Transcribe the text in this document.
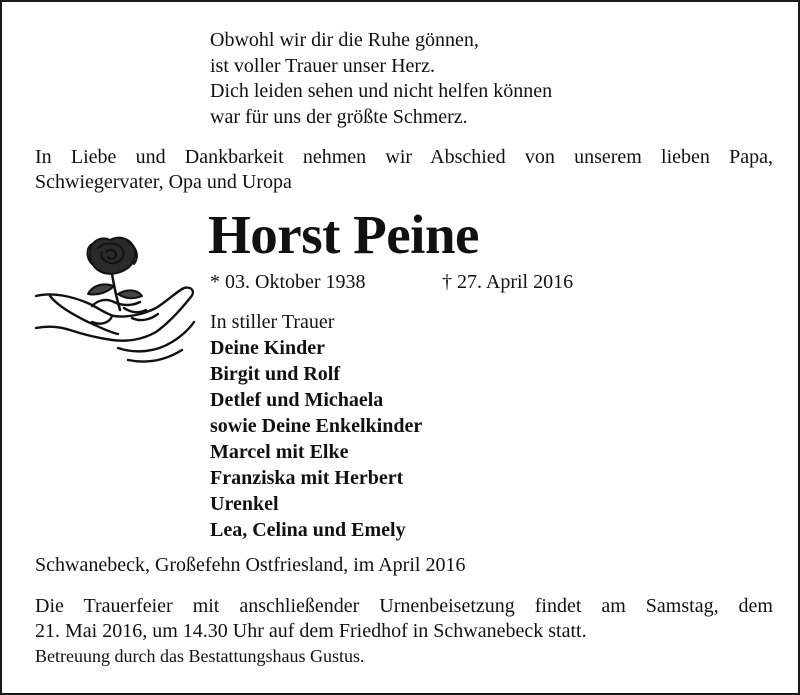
Obwohl wir dir die Ruhe gönnen,
ist voller Trauer unser Herz.
Dich leiden sehen und nicht helfen können
war für uns der größte Schmerz.
In Liebe und Dankbarkeit nehmen wir Abschied von unserem lieben Papa,
Schwiegervater, Opa und Uropa
Horst Peine
* 03. Oktober 1938	† 27. April 2016
In stiller Trauer
Deine Kinder
Birgit und Rolf
Detlef und Michaela
sowie Deine Enkelkinder
Marcel mit Elke
Franziska mit Herbert
Urenkel
Lea, Celina und Emely
Schwanebeck, Großefehn Ostfriesland, im April 2016
Die Trauerfeier mit anschließender Urnenbeisetzung findet am Samstag, dem
21. Mai 2016, um 14.30 Uhr auf dem Friedhof in Schwanebeck statt.
Betreuung durch das Bestattungshaus Gustus.
